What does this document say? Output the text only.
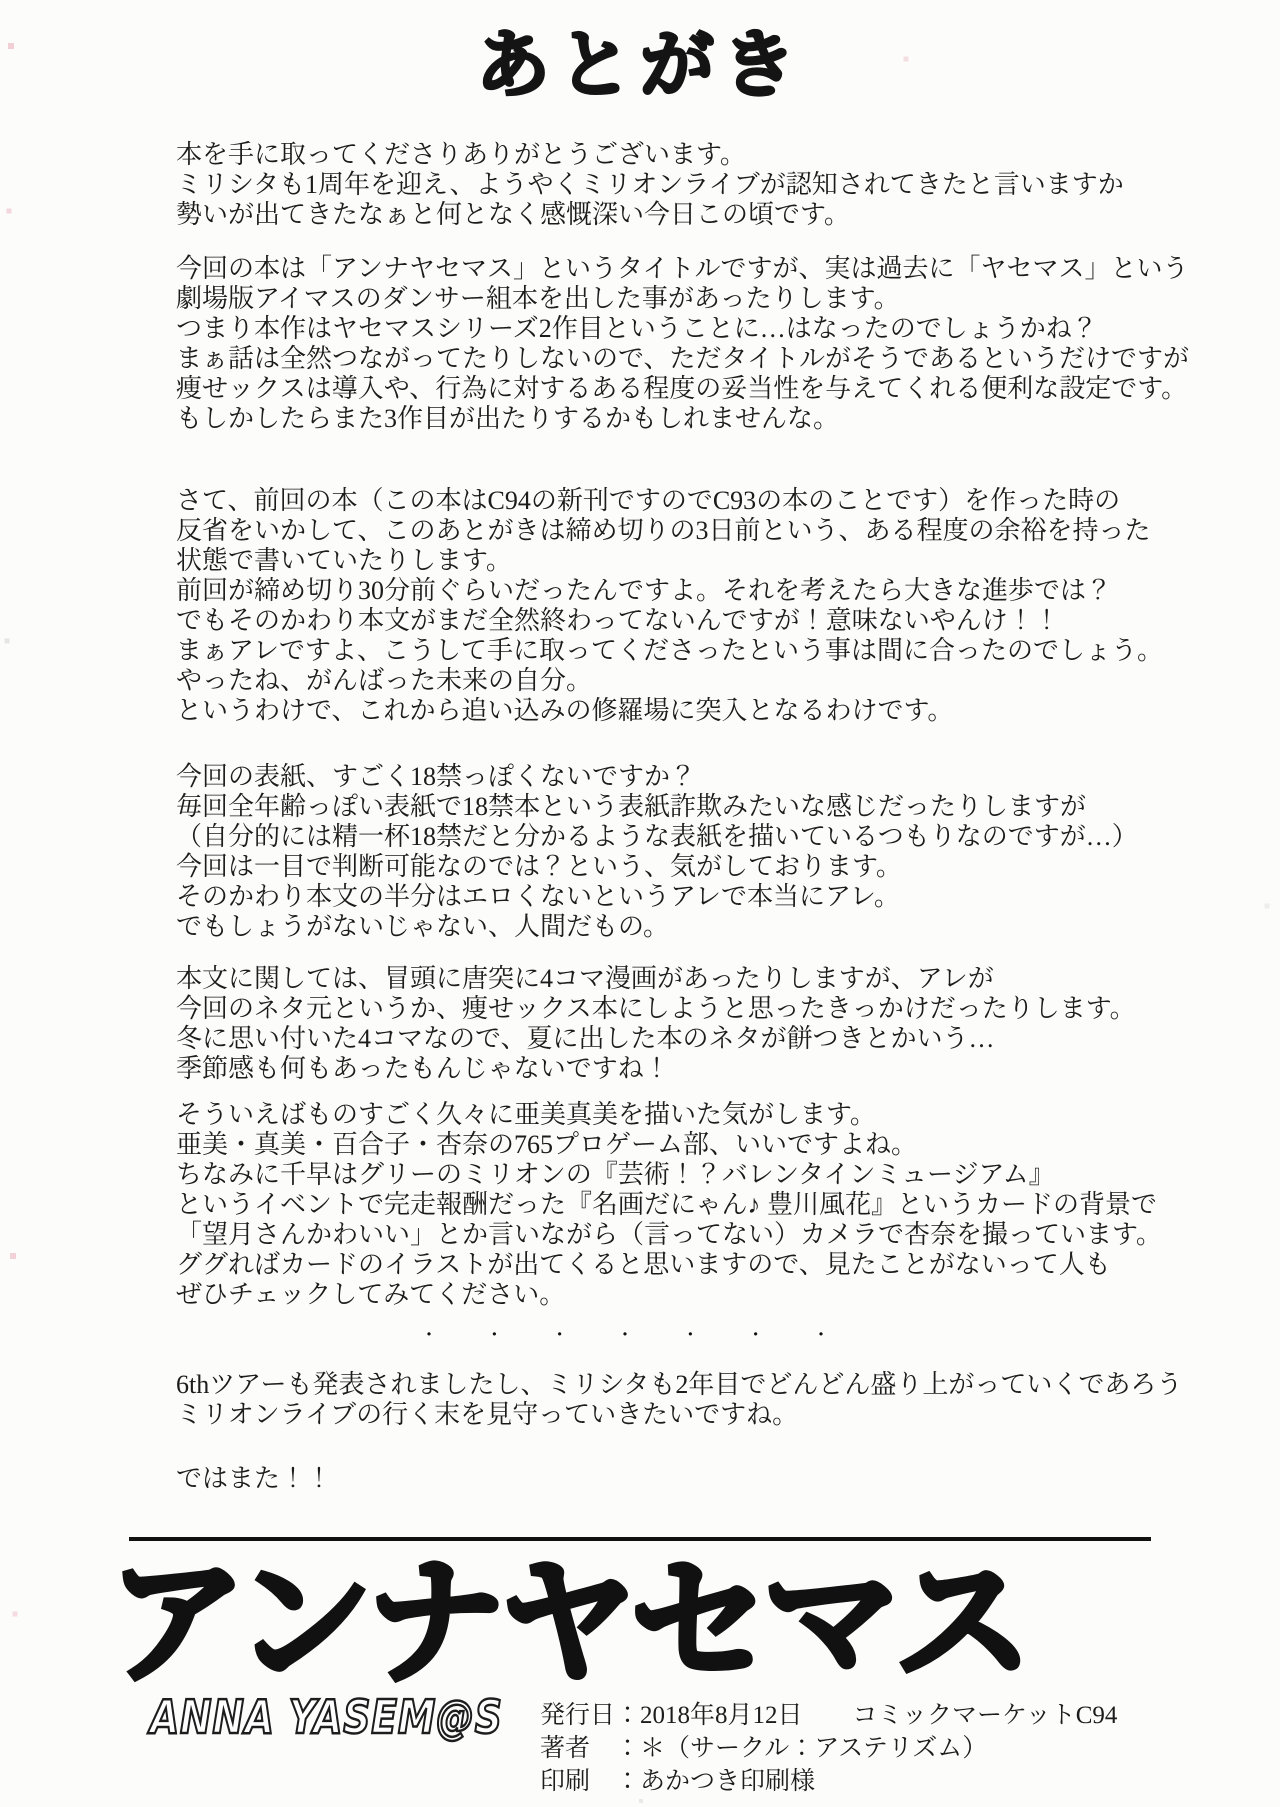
あとがき
本を手に取ってくださりありがとうございます。
ミリシタも1周年を迎え、ようやくミリオンライブが認知されてきたと言いますか
勢いが出てきたなぁと何となく感慨深い今日この頃です。
今回の本は「アンナヤセマス」というタイトルですが、実は過去に「ヤセマス」という
劇場版アイマスのダンサー組本を出した事があったりします。
つまり本作はヤセマスシリーズ2作目ということに…はなったのでしょうかね？
まぁ話は全然つながってたりしないので、ただタイトルがそうであるというだけですが
痩せックスは導入や、行為に対するある程度の妥当性を与えてくれる便利な設定です。
もしかしたらまた3作目が出たりするかもしれませんな。
さて、前回の本（この本はC94の新刊ですのでC93の本のことです）を作った時の
反省をいかして、このあとがきは締め切りの3日前という、ある程度の余裕を持った
状態で書いていたりします。
前回が締め切り30分前ぐらいだったんですよ。それを考えたら大きな進歩では？
でもそのかわり本文がまだ全然終わってないんですが！意味ないやんけ！！
まぁアレですよ、こうして手に取ってくださったという事は間に合ったのでしょう。
やったね、がんばった未来の自分。
というわけで、これから追い込みの修羅場に突入となるわけです。
今回の表紙、すごく18禁っぽくないですか？
毎回全年齢っぽい表紙で18禁本という表紙詐欺みたいな感じだったりしますが
（自分的には精一杯18禁だと分かるような表紙を描いているつもりなのですが…）
今回は一目で判断可能なのでは？という、気がしております。
そのかわり本文の半分はエロくないというアレで本当にアレ。
でもしょうがないじゃない、人間だもの。
本文に関しては、冒頭に唐突に4コマ漫画があったりしますが、アレが
今回のネタ元というか、痩せックス本にしようと思ったきっかけだったりします。
冬に思い付いた4コマなので、夏に出した本のネタが餅つきとかいう…
季節感も何もあったもんじゃないですね！
そういえばものすごく久々に亜美真美を描いた気がします。
亜美・真美・百合子・杏奈の765プロゲーム部、いいですよね。
ちなみに千早はグリーのミリオンの『芸術！？バレンタインミュージアム』
というイベントで完走報酬だった『名画だにゃん♪ 豊川風花』というカードの背景で
「望月さんかわいい」とか言いながら（言ってない）カメラで杏奈を撮っています。
ググればカードのイラストが出てくると思いますので、見たことがないって人も
ぜひチェックしてみてください。
・	・	・	・	・	・	・
6thツアーも発表されましたし、ミリシタも2年目でどんどん盛り上がっていくであろう
ミリオンライブの行く末を見守っていきたいですね。
ではまた！！
アンナヤセマス
ANNA YASEM@S 発行日：2018年8月12日　　コミックマーケットC94
著者　：＊（サークル：アステリズム）
印刷　：あかつき印刷様
